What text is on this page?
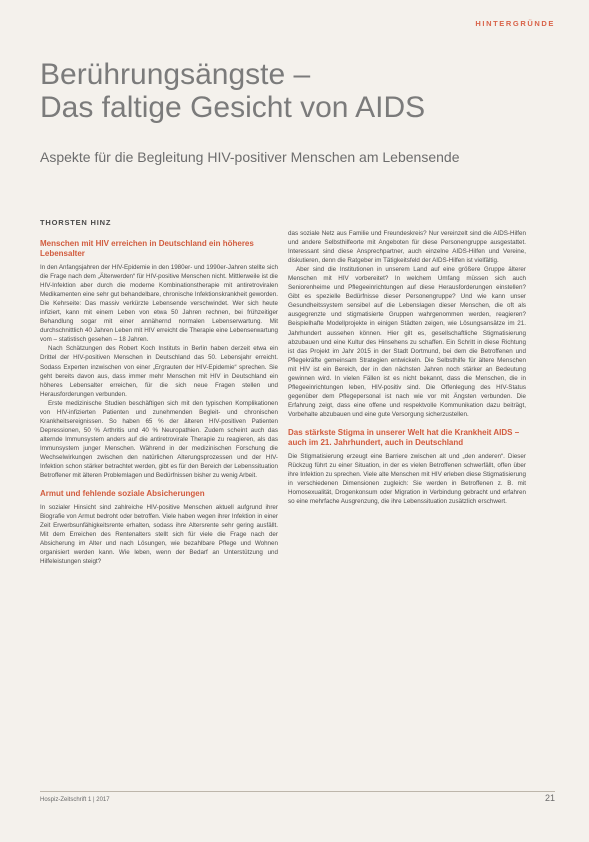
HINTERGRÜNDE
Berührungsängste –
Das faltige Gesicht von AIDS
Aspekte für die Begleitung HIV-positiver Menschen am Lebensende
THORSTEN HINZ
Menschen mit HIV erreichen in Deutschland ein höheres Lebensalter

In den Anfangsjahren der HIV-Epidemie in den 1980er- und 1990er-Jahren stellte sich die Frage nach dem „Älterwerden“ für HIV-positive Menschen nicht. Mittlerweile ist die HIV-Infektion aber durch die moderne Kombinationstherapie mit antiretroviralen Medikamenten eine sehr gut behandelbare, chronische Infektionskrankheit geworden. Die Kehrseite: Das massiv verkürzte Lebensende verschwindet. Wer sich heute infiziert, kann mit einem Leben von etwa 50 Jahren rechnen, bei frühzeitiger Behandlung sogar mit einer annähernd normalen Lebenserwartung. Mit durchschnittlich 40 Jahren Leben mit HIV erreicht die Therapie eine Lebenserwartung vom – statistisch gesehen – 18 Jahren.

Nach Schätzungen des Robert Koch Instituts in Berlin haben derzeit etwa ein Drittel der HIV-positiven Menschen in Deutschland das 50. Lebensjahr erreicht. Sodass Experten inzwischen von einer „Ergrauten der HIV-Epidemie“ sprechen. Sie geht bereits davon aus, dass immer mehr Menschen mit HIV in Deutschland ein höheres Lebensalter erreichen, für die sich neue Fragen stellen und Herausforderungen verbunden.

Erste medizinische Studien beschäftigen sich mit den typischen Komplikationen von HIV-infizierten Patienten und zunehmenden Begleit- und chronischen Krankheitsereignissen. So haben 65 % der älteren HIV-positiven Patienten Depressionen, 50 % Arthritis und 40 % Neuropathien. Zudem scheint auch das alternde Immunsystem anders auf die antiretrovirale Therapie zu reagieren, als das Immunsystem junger Menschen. Während in der medizinischen Forschung die Wechselwirkungen zwischen den natürlichen Alterungsprozessen und der HIV-Infektion schon stärker betrachtet werden, gibt es für den Bereich der Lebenssituation Betroffener mit älteren Problemlagen und Bedürfnissen bisher zu wenig Arbeit.

Armut und fehlende soziale Absicherungen

In sozialer Hinsicht sind zahlreiche HIV-positive Menschen aktuell aufgrund ihrer Biografie von Armut bedroht oder betroffen. Viele haben wegen ihrer Infektion in einer Zeit Erwerbsunfähigkeitsrente erhalten, sodass ihre Altersrente sehr gering ausfällt. Mit dem Erreichen des Rentenalters stellt sich für viele die Frage nach der Absicherung im Alter und nach Lösungen, wie bezahlbare Pflege und Wohnen organisiert werden kann. Wie leben, wenn der Bedarf an Unterstützung und Hilfeleistungen steigt?

das soziale Netz aus Familie und Freundeskreis? Nur vereinzelt sind die AIDS-Hilfen und andere Selbsthilfeorte mit Angeboten für diese Personengruppe ausgestattet. Interessant sind diese Ansprechpartner, auch einzelne AIDS-Hilfen und Vereine, diskutieren, denn die Ratgeber im Tätigkeitsfeld der AIDS-Hilfen ist vielfältig.

Aber sind die Institutionen in unserem Land auf eine größere Gruppe älterer Menschen mit HIV vorbereitet? In welchem Umfang müssen sich auch Seniorenheime und Pflegeeinrichtungen auf diese Herausforderungen einstellen? Gibt es spezielle Bedürfnisse dieser Personengruppe? Und wie kann unser Gesundheitssystem sensibel auf die Lebenslagen dieser Menschen, die oft als ausgegrenzte und stigmatisierte Gruppen wahrgenommen werden, reagieren? Beispielhafte Modellprojekte in einigen Städten zeigen, wie Lösungsansätze im 21. Jahrhundert aussehen können. Hier gilt es, gesellschaftliche Stigmatisierung abzubauen und eine Kultur des Hinsehens zu schaffen. Ein Schritt in diese Richtung ist das Projekt im Jahr 2015 in der Stadt Dortmund, bei dem die Betroffenen und Pflegekräfte gemeinsam Strategien entwickeln. Die Selbsthilfe für ältere Menschen mit HIV ist ein Bereich, der in den nächsten Jahren noch stärker an Bedeutung gewinnen wird. In vielen Fällen ist es nicht bekannt, dass die Menschen, die in Pflegeeinrichtungen leben, HIV-positiv sind. Die Offenlegung des HIV-Status gegenüber dem Pflegepersonal ist nach wie vor mit Ängsten verbunden. Die Erfahrung zeigt, dass eine offene und respektvolle Kommunikation dazu beiträgt, Vorbehalte abzubauen und eine gute Versorgung sicherzustellen.

Das stärkste Stigma in unserer Welt hat die Krankheit AIDS – auch im 21. Jahrhundert, auch in Deutschland

Die Stigmatisierung erzeugt eine Barriere zwischen alt und „den anderen“. Dieser Rückzug führt zu einer Situation, in der es vielen Betroffenen schwerfällt, offen über ihre Infektion zu sprechen. Viele alte Menschen mit HIV erleben diese Stigmatisierung in verschiedenen Dimensionen zugleich: Sie werden in Betroffenen z. B. mit Homosexualität, Drogenkonsum oder Migration in Verbindung gebracht und erfahren so eine mehrfache Ausgrenzung, die ihre Lebenssituation zusätzlich erschwert.

Hospiz-Zeitschrift 1 | 2017	21
